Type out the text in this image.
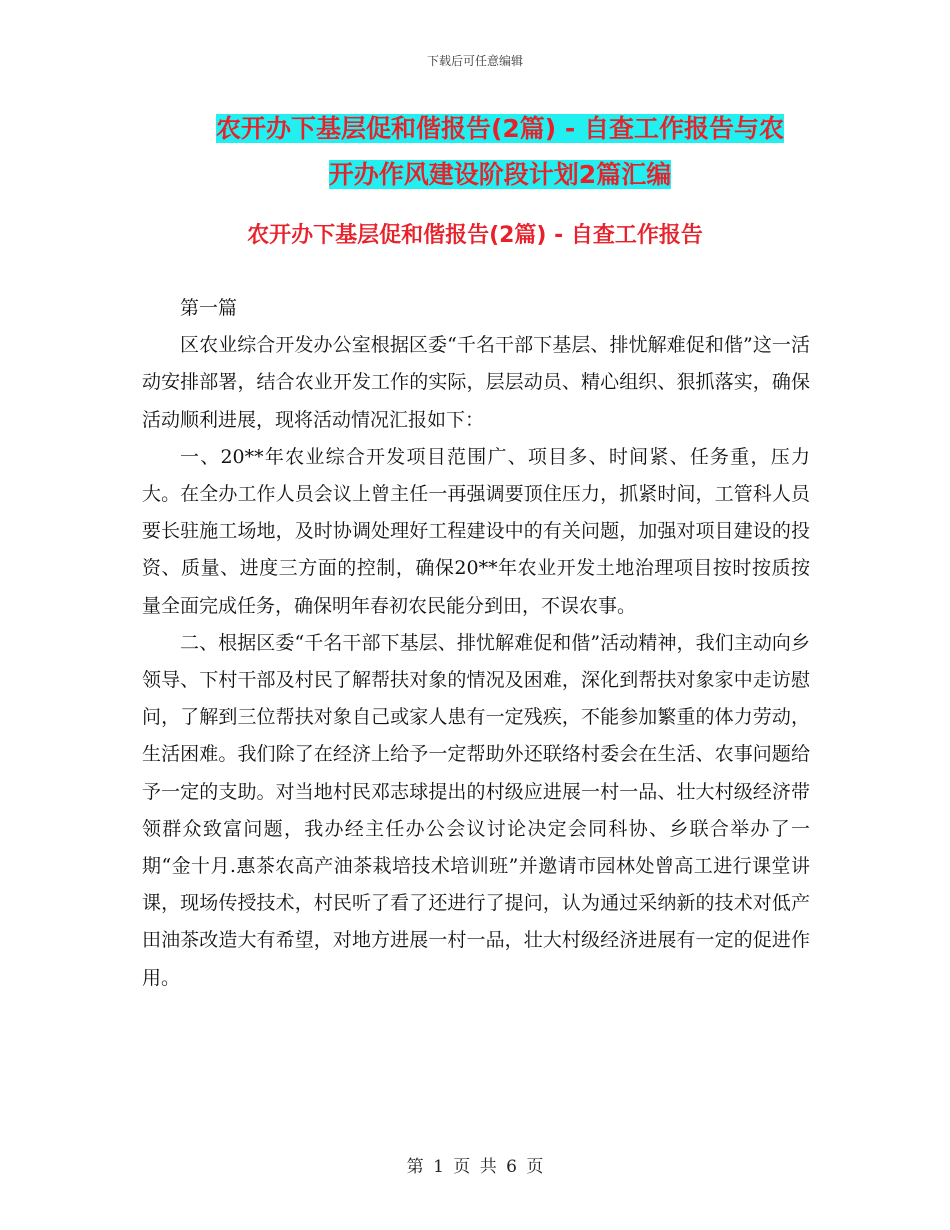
下载后可任意编辑
农开办下基层促和偕报告(2篇) - 自查工作报告与农
开办作风建设阶段计划2篇汇编
农开办下基层促和偕报告(2篇) - 自查工作报告

第一篇

区农业综合开发办公室根据区委“千名干部下基层、排忧解难促和偕”这一活动安排部署，结合农业开发工作的实际，层层动员、精心组织、狠抓落实，确保活动顺利进展，现将活动情况汇报如下：

一、20**年农业综合开发项目范围广、项目多、时间紧、任务重，压力大。在全办工作人员会议上曾主任一再强调要顶住压力，抓紧时间，工管科人员要长驻施工场地，及时协调处理好工程建设中的有关问题，加强对项目建设的投资、质量、进度三方面的控制，确保20**年农业开发土地治理项目按时按质按量全面完成任务，确保明年春初农民能分到田，不误农事。

二、根据区委“千名干部下基层、排忧解难促和偕”活动精神，我们主动向乡领导、下村干部及村民了解帮扶对象的情况及困难，深化到帮扶对象家中走访慰问，了解到三位帮扶对象自己或家人患有一定残疾，不能参加繁重的体力劳动，生活困难。我们除了在经济上给予一定帮助外还联络村委会在生活、农事问题给予一定的支助。对当地村民邓志球提出的村级应进展一村一品、壮大村级经济带领群众致富问题，我办经主任办公会议讨论决定会同科协、乡联合举办了一期“金十月.惠茶农高产油茶栽培技术培训班”并邀请市园林处曾高工进行课堂讲课，现场传授技术，村民听了看了还进行了提问，认为通过采纳新的技术对低产田油茶改造大有希望，对地方进展一村一品，壮大村级经济进展有一定的促进作用。

第 1 页 共 6 页
